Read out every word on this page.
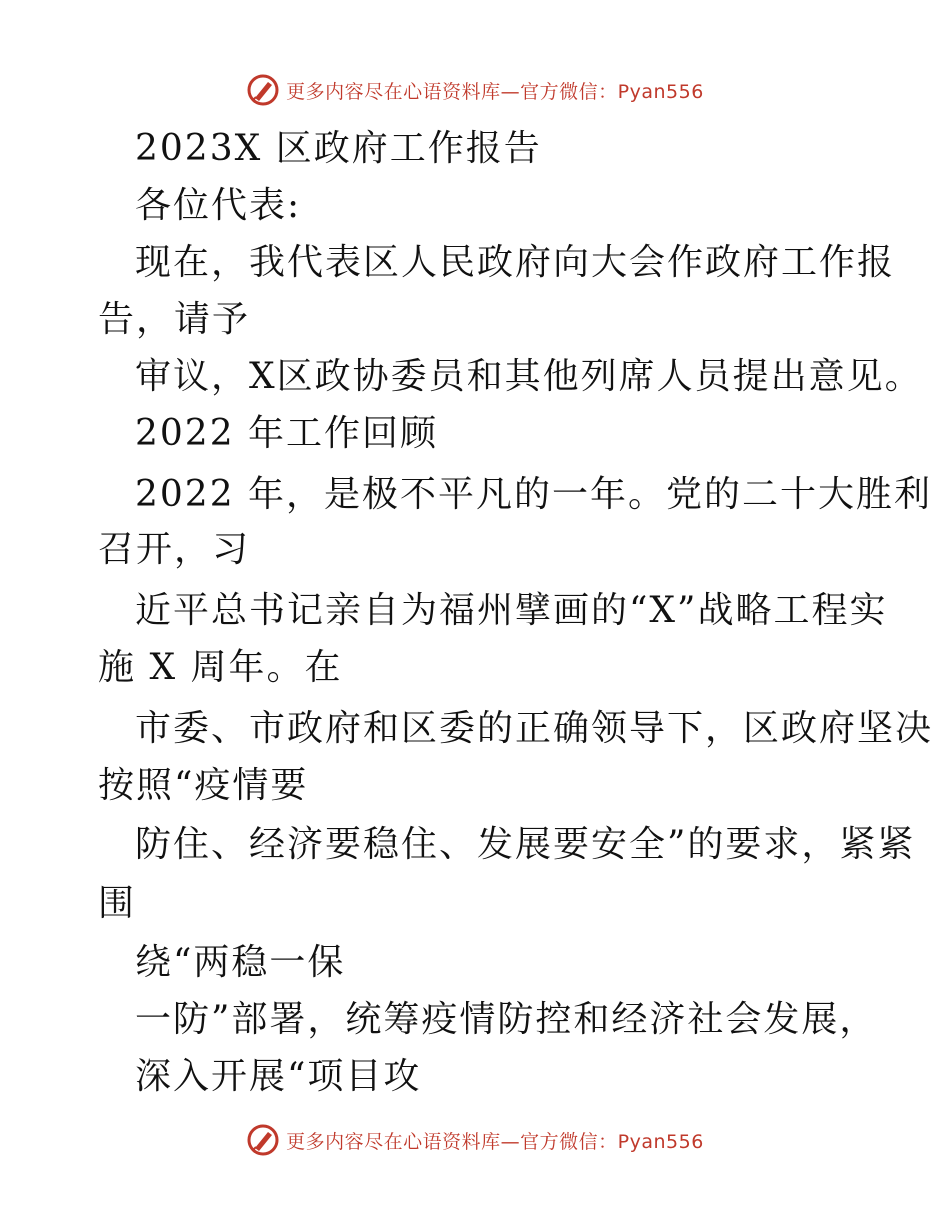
更多内容尽在心语资料库—官方微信：Pyan556
2023X 区政府工作报告
各位代表:
现在，我代表区人民政府向大会作政府工作报
告，请予
审议，X区政协委员和其他列席人员提出意见。
2022 年工作回顾
2022 年，是极不平凡的一年。党的二十大胜利
召开，习
近平总书记亲自为福州擘画的“X”战略工程实
施 X 周年。在
市委、市政府和区委的正确领导下，区政府坚决
按照“疫情要
防住、经济要稳住、发展要安全”的要求，紧紧
围
绕“两稳一保
一防”部署，统筹疫情防控和经济社会发展，
深入开展“项目攻
更多内容尽在心语资料库—官方微信：Pyan556
